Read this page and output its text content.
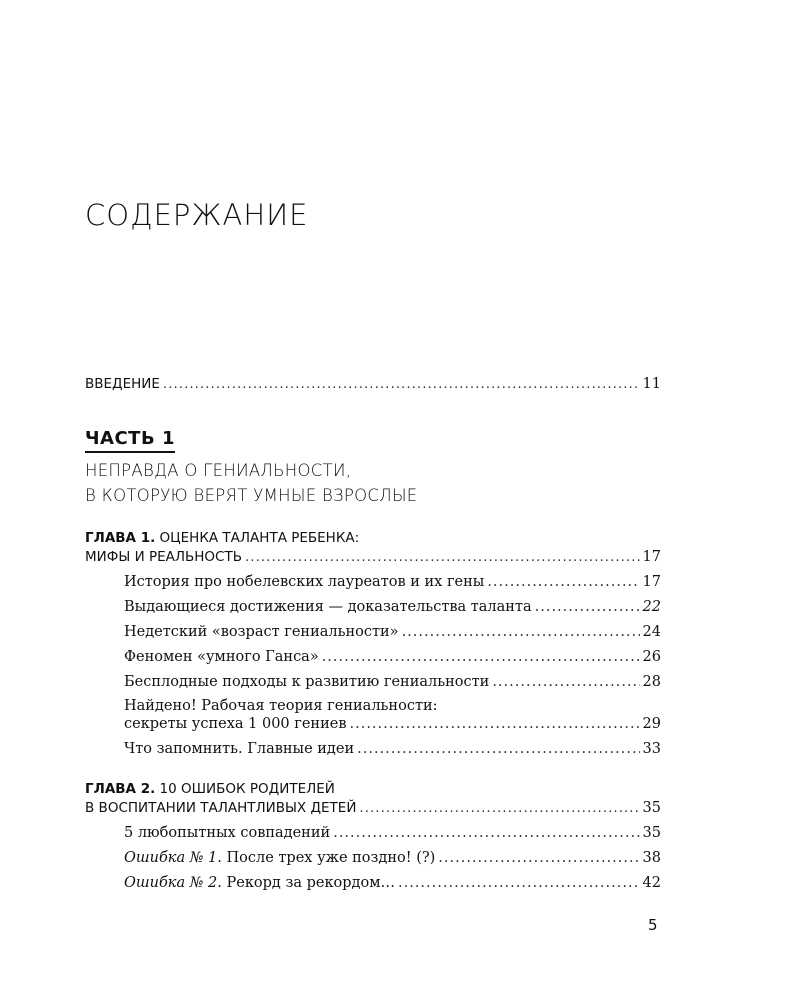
СОДЕРЖАНИЕ
ВВЕДЕНИЕ .....	11
ЧАСТЬ 1
НЕПРАВДА О ГЕНИАЛЬНОСТИ,
В КОТОРУЮ ВЕРЯТ УМНЫЕ ВЗРОСЛЫЕ
ГЛАВА 1. ОЦЕНКА ТАЛАНТА РЕБЕНКА:
МИФЫ И РЕАЛЬНОСТЬ .....	17
История про нобелевских лауреатов и их гены .....	17
Выдающиеся достижения — доказательства таланта .....	22
Недетский «возраст гениальности» .....	24
Феномен «умного Ганса» .....	26
Бесплодные подходы к развитию гениальности .....	28
Найдено! Рабочая теория гениальности:
секреты успеха 1 000 гениев .....	29
Что запомнить. Главные идеи .....	33
ГЛАВА 2. 10 ОШИБОК РОДИТЕЛЕЙ
В ВОСПИТАНИИ ТАЛАНТЛИВЫХ ДЕТЕЙ .....	35
5 любопытных совпадений .....	35
Ошибка № 1. После трех уже поздно! (?) .....	38
Ошибка № 2. Рекорд за рекордом… .....	42
5
